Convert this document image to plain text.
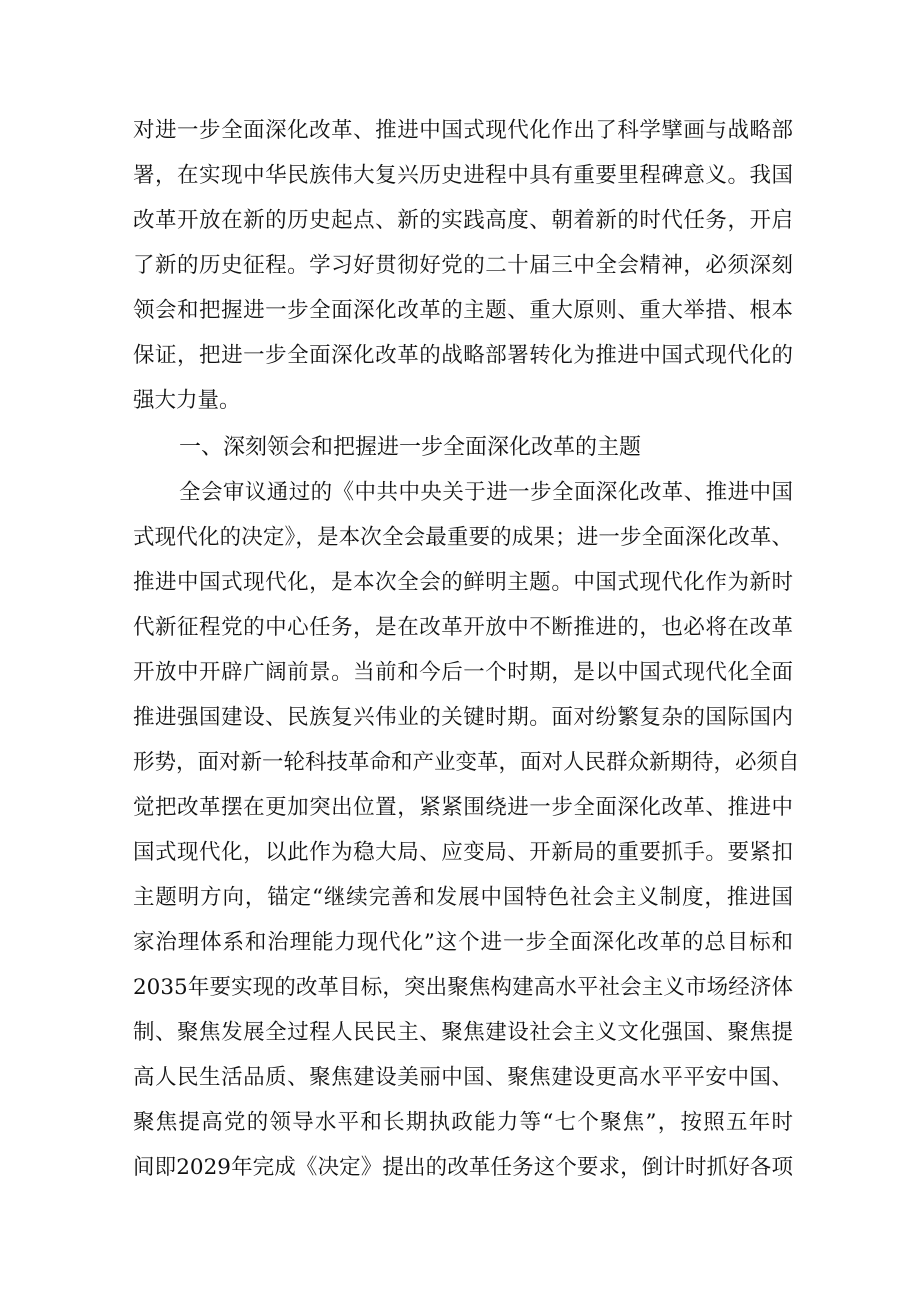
对进一步全面深化改革、推进中国式现代化作出了科学擘画与战略部
署，在实现中华民族伟大复兴历史进程中具有重要里程碑意义。我国
改革开放在新的历史起点、新的实践高度、朝着新的时代任务，开启
了新的历史征程。学习好贯彻好党的二十届三中全会精神，必须深刻
领会和把握进一步全面深化改革的主题、重大原则、重大举措、根本
保证，把进一步全面深化改革的战略部署转化为推进中国式现代化的
强大力量。
一、深刻领会和把握进一步全面深化改革的主题
全会审议通过的《中共中央关于进一步全面深化改革、推进中国
式现代化的决定》，是本次全会最重要的成果；进一步全面深化改革、
推进中国式现代化，是本次全会的鲜明主题。中国式现代化作为新时
代新征程党的中心任务，是在改革开放中不断推进的，也必将在改革
开放中开辟广阔前景。当前和今后一个时期，是以中国式现代化全面
推进强国建设、民族复兴伟业的关键时期。面对纷繁复杂的国际国内
形势，面对新一轮科技革命和产业变革，面对人民群众新期待，必须自
觉把改革摆在更加突出位置，紧紧围绕进一步全面深化改革、推进中
国式现代化，以此作为稳大局、应变局、开新局的重要抓手。要紧扣
主题明方向，锚定“继续完善和发展中国特色社会主义制度，推进国
家治理体系和治理能力现代化”这个进一步全面深化改革的总目标和
2035年要实现的改革目标，突出聚焦构建高水平社会主义市场经济体
制、聚焦发展全过程人民民主、聚焦建设社会主义文化强国、聚焦提
高人民生活品质、聚焦建设美丽中国、聚焦建设更高水平平安中国、
聚焦提高党的领导水平和长期执政能力等“七个聚焦”，按照五年时
间即2029年完成《决定》提出的改革任务这个要求，倒计时抓好各项
